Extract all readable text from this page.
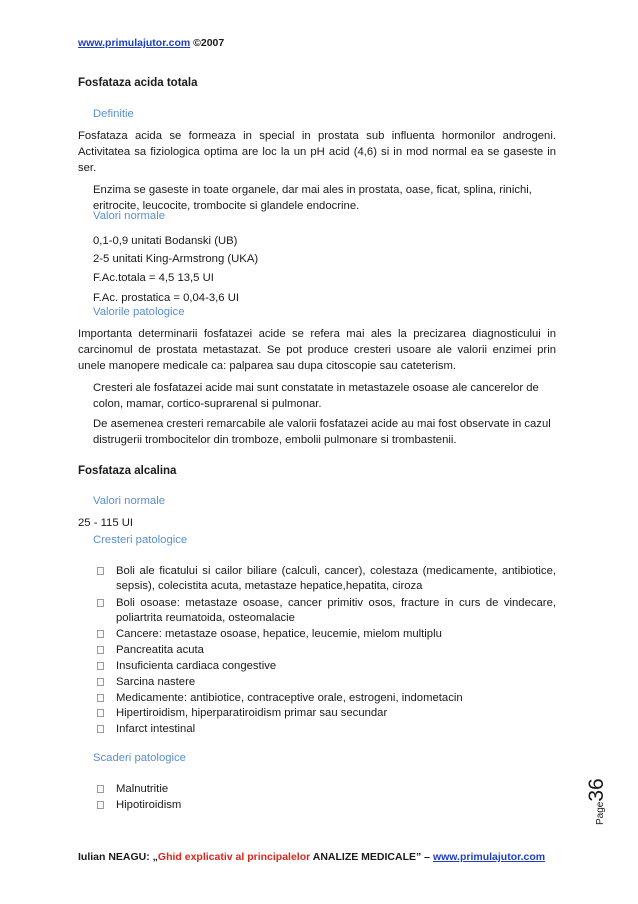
www.primulajutor.com ©2007
Fosfataza acida totala
Definitie
Fosfataza acida se formeaza in special in prostata sub influenta hormonilor androgeni. Activitatea sa fiziologica optima are loc la un pH acid (4,6) si in mod normal ea se gaseste in ser.
Enzima se gaseste in toate organele, dar mai ales in prostata, oase, ficat, splina, rinichi, eritrocite, leucocite, trombocite si glandele endocrine.
Valori normale
0,1-0,9 unitati Bodanski (UB)
2-5 unitati King-Armstrong (UKA)
F.Ac.totala = 4,5 13,5 UI
F.Ac. prostatica = 0,04-3,6 UI
Valorile patologice
Importanta determinarii fosfatazei acide se refera mai ales la precizarea diagnosticului in carcinomul de prostata metastazat. Se pot produce cresteri usoare ale valorii enzimei prin unele manopere medicale ca: palparea sau dupa citoscopie sau cateterism.
Cresteri ale fosfatazei acide mai sunt constatate in metastazele osoase ale cancerelor de colon, mamar, cortico-suprarenal si pulmonar.
De asemenea cresteri remarcabile ale valorii fosfatazei acide au mai fost observate in cazul distrugerii trombocitelor din tromboze, embolii pulmonare si trombastenii.
Fosfataza alcalina
Valori normale
25 - 115 UI
Cresteri patologice
Boli ale ficatului si cailor biliare (calculi, cancer), colestaza (medicamente, antibiotice, sepsis), colecistita acuta, metastaze hepatice,hepatita, ciroza
Boli osoase: metastaze osoase, cancer primitiv osos, fracture in curs de vindecare, poliartrita reumatoida, osteomalacie
Cancere: metastaze osoase, hepatice, leucemie, mielom multiplu
Pancreatita acuta
Insuficienta cardiaca congestive
Sarcina nastere
Medicamente: antibiotice, contraceptive orale, estrogeni, indometacin
Hipertiroidism, hiperparatiroidism primar sau secundar
Infarct intestinal
Scaderi patologice
Malnutritie
Hipotiroidism	Page36
Iulian NEAGU: „Ghid explicativ al principalelor ANALIZE MEDICALE” – www.primulajutor.com
